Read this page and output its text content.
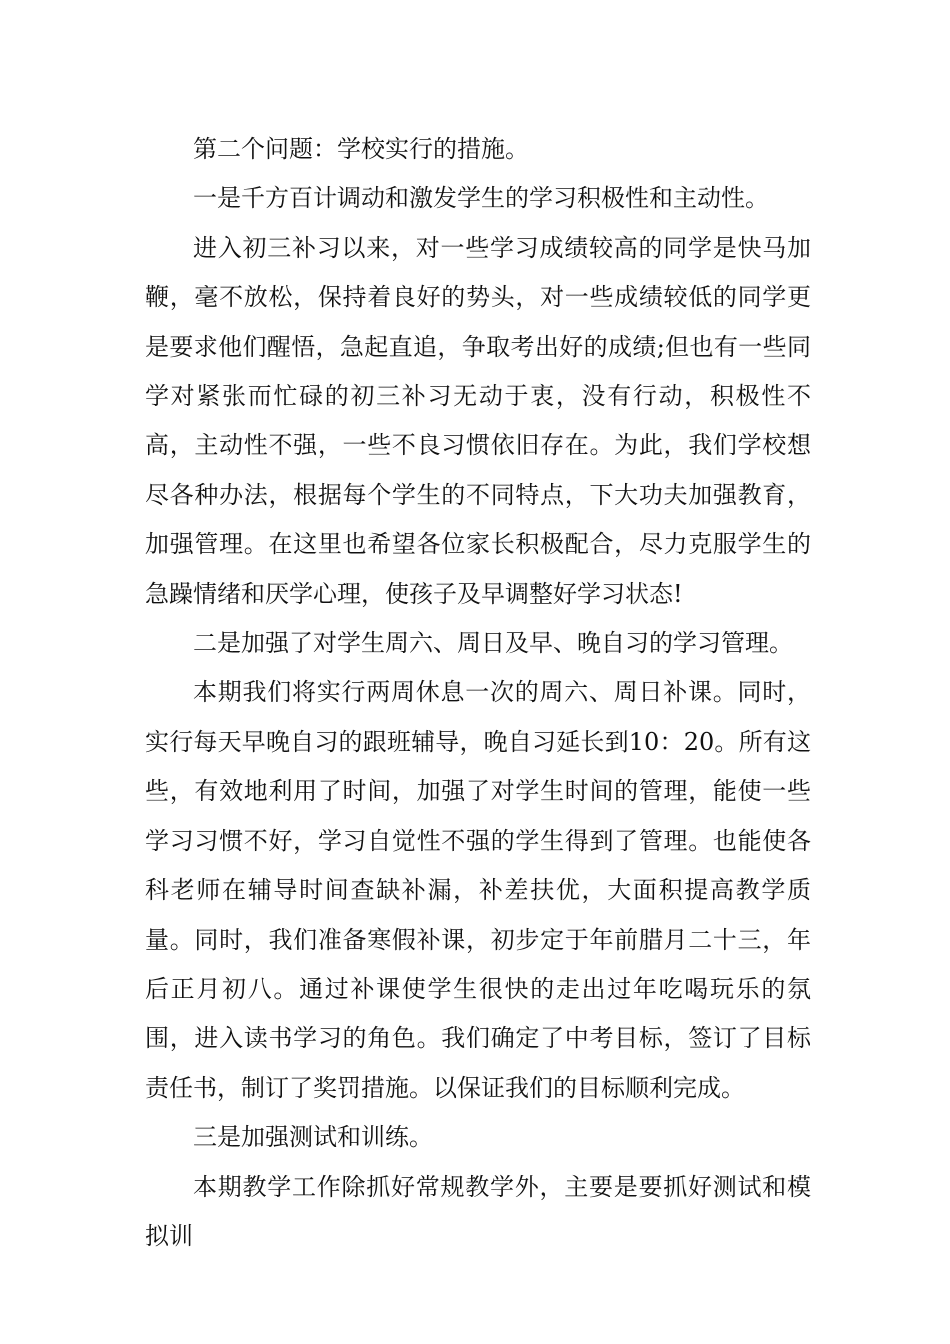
第二个问题：学校实行的措施。

一是千方百计调动和激发学生的学习积极性和主动性。

进入初三补习以来，对一些学习成绩较高的同学是快马加鞭，毫不放松，保持着良好的势头，对一些成绩较低的同学更是要求他们醒悟，急起直追，争取考出好的成绩;但也有一些同学对紧张而忙碌的初三补习无动于衷，没有行动，积极性不高，主动性不强，一些不良习惯依旧存在。为此，我们学校想尽各种办法，根据每个学生的不同特点，下大功夫加强教育，加强管理。在这里也希望各位家长积极配合，尽力克服学生的急躁情绪和厌学心理，使孩子及早调整好学习状态!

二是加强了对学生周六、周日及早、晚自习的学习管理。

本期我们将实行两周休息一次的周六、周日补课。同时，实行每天早晚自习的跟班辅导，晚自习延长到10：20。所有这些，有效地利用了时间，加强了对学生时间的管理，能使一些学习习惯不好，学习自觉性不强的学生得到了管理。也能使各科老师在辅导时间查缺补漏，补差扶优，大面积提高教学质量。同时，我们准备寒假补课，初步定于年前腊月二十三，年后正月初八。通过补课使学生很快的走出过年吃喝玩乐的氛围，进入读书学习的角色。我们确定了中考目标，签订了目标责任书，制订了奖罚措施。以保证我们的目标顺利完成。

三是加强测试和训练。

本期教学工作除抓好常规教学外，主要是要抓好测试和模拟训
